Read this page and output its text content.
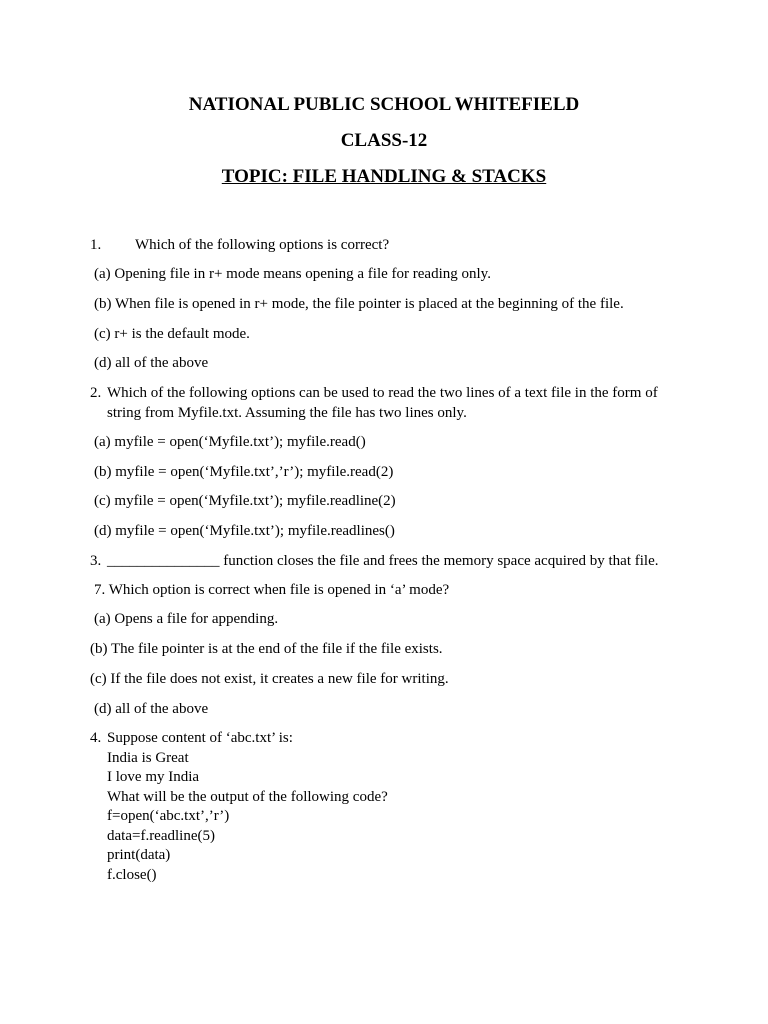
NATIONAL PUBLIC SCHOOL WHITEFIELD
CLASS-12
TOPIC: FILE HANDLING & STACKS

1. Which of the following options is correct?

(a) Opening file in r+ mode means opening a file for reading only.

(b) When file is opened in r+ mode, the file pointer is placed at the beginning of the file.

(c) r+ is the default mode.

(d) all of the above

2. Which of the following options can be used to read the two lines of a text file in the form of
string from Myfile.txt. Assuming the file has two lines only.

(a) myfile = open(‘Myfile.txt’); myfile.read()

(b) myfile = open(‘Myfile.txt’,’r’); myfile.read(2)

(c) myfile = open(‘Myfile.txt’); myfile.readline(2)

(d) myfile = open(‘Myfile.txt’); myfile.readlines()

3. _______________ function closes the file and frees the memory space acquired by that file.

7. Which option is correct when file is opened in ‘a’ mode?

(a) Opens a file for appending.

(b) The file pointer is at the end of the file if the file exists.

(c) If the file does not exist, it creates a new file for writing.

(d) all of the above

4. Suppose content of ‘abc.txt’ is:
India is Great
I love my India
What will be the output of the following code?
f=open(‘abc.txt’,’r’)
data=f.readline(5)
print(data)
f.close()
